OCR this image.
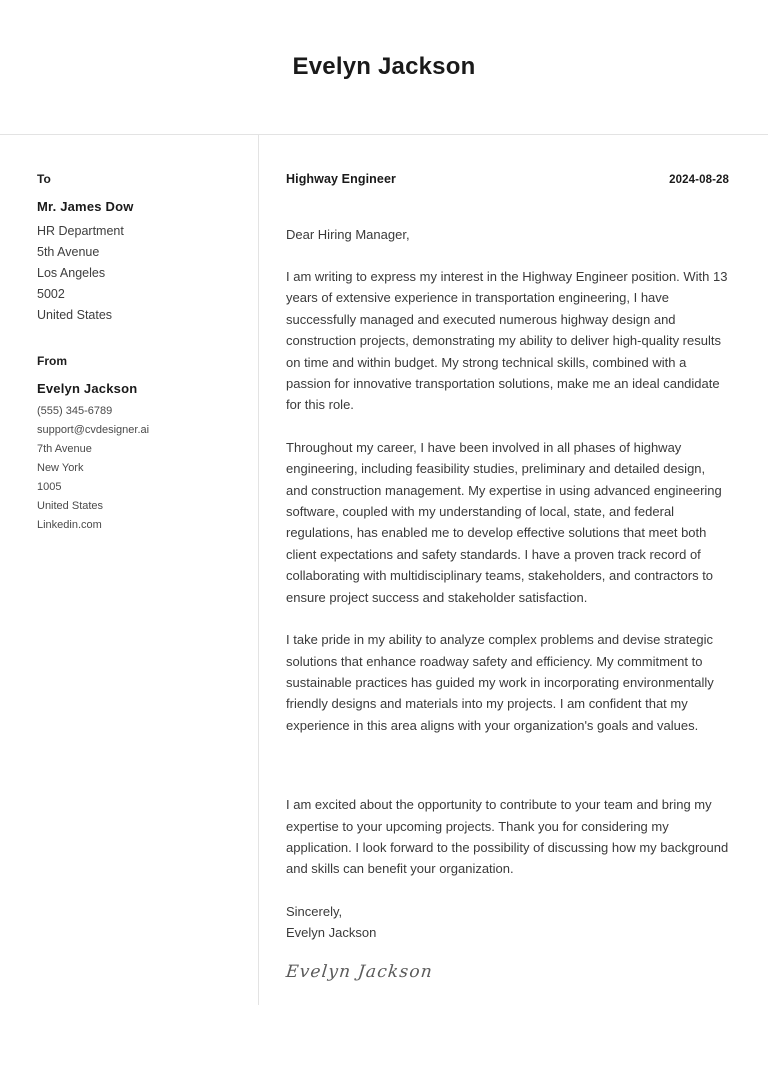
Evelyn Jackson
To
Mr. James Dow
HR Department
5th Avenue
Los Angeles
5002
United States
From
Evelyn Jackson
(555) 345-6789
support@cvdesigner.ai
7th Avenue
New York
1005
United States
Linkedin.com
Highway Engineer	2024-08-28

Dear Hiring Manager,

I am writing to express my interest in the Highway Engineer position. With 13 years of extensive experience in transportation engineering, I have successfully managed and executed numerous highway design and construction projects, demonstrating my ability to deliver high-quality results on time and within budget. My strong technical skills, combined with a passion for innovative transportation solutions, make me an ideal candidate for this role.

Throughout my career, I have been involved in all phases of highway engineering, including feasibility studies, preliminary and detailed design, and construction management. My expertise in using advanced engineering software, coupled with my understanding of local, state, and federal regulations, has enabled me to develop effective solutions that meet both client expectations and safety standards. I have a proven track record of collaborating with multidisciplinary teams, stakeholders, and contractors to ensure project success and stakeholder satisfaction.

I take pride in my ability to analyze complex problems and devise strategic solutions that enhance roadway safety and efficiency. My commitment to sustainable practices has guided my work in incorporating environmentally friendly designs and materials into my projects. I am confident that my experience in this area aligns with your organization's goals and values.

I am excited about the opportunity to contribute to your team and bring my expertise to your upcoming projects. Thank you for considering my application. I look forward to the possibility of discussing how my background and skills can benefit your organization.

Sincerely,

Evelyn Jackson

Evelyn Jackson
